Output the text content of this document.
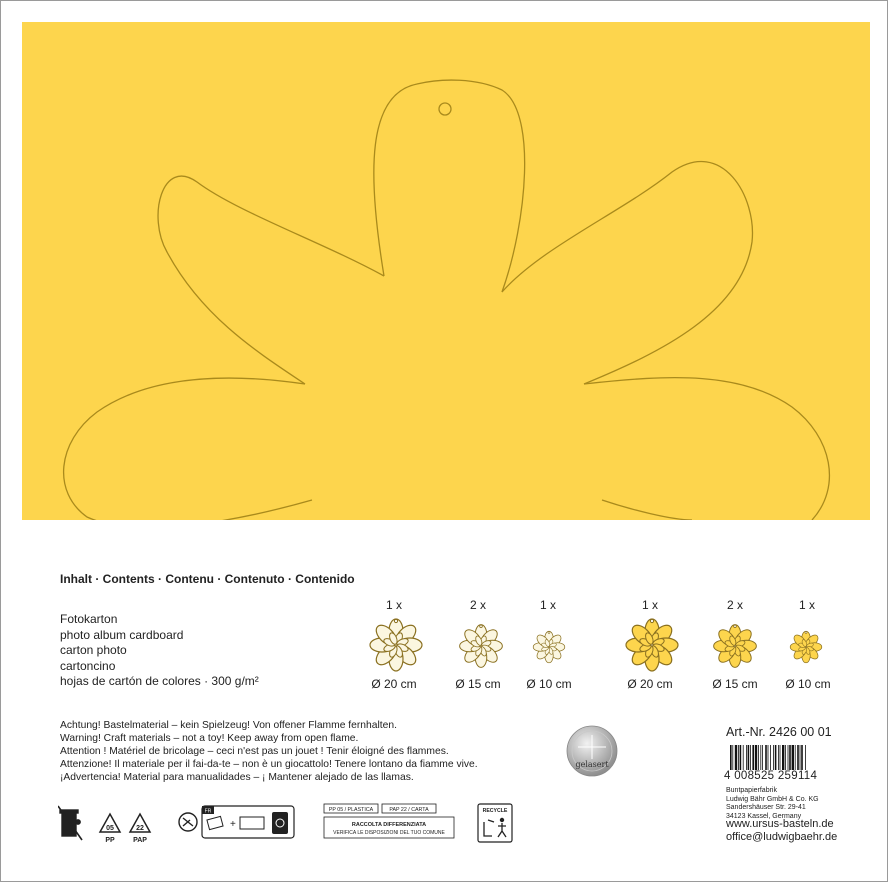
Inhalt · Contents · Contenu · Contenuto · Contenido
Fotokarton
photo album cardboard
carton photo
cartoncino
hojas de cartón de colores · 300 g/m²
1 x	2 x	1 x	1 x	2 x	1 x
Ø 20 cm	Ø 15 cm	Ø 10 cm	Ø 20 cm	Ø 15 cm	Ø 10 cm
Achtung! Bastelmaterial – kein Spielzeug! Von offener Flamme fernhalten.
Warning! Craft materials – not a toy! Keep away from open flame.
Attention ! Matériel de bricolage – ceci n'est pas un jouet ! Tenir éloigné des flammes.
Attenzione! Il materiale per il fai-da-te – non è un giocattolo! Tenere lontano da fiamme vive.
¡Advertencia! Material para manualidades – ¡ Mantener alejado de las llamas.
gelasert
Art.-Nr. 2426 00 01
4 008525 259114
Buntpapierfabrik
Ludwig Bähr GmbH & Co. KG
Sandershäuser Str. 29-41
34123 Kassel, Germany
www.ursus-basteln.de
office@ludwigbaehr.de
05
PP
22
PAP
FR
+
PP 05 / PLASTICA	PAP 22 / CARTA
RACCOLTA DIFFERENZIATA
VERIFICA LE DISPOSIZIONI DEL TUO COMUNE
RECYCLE
